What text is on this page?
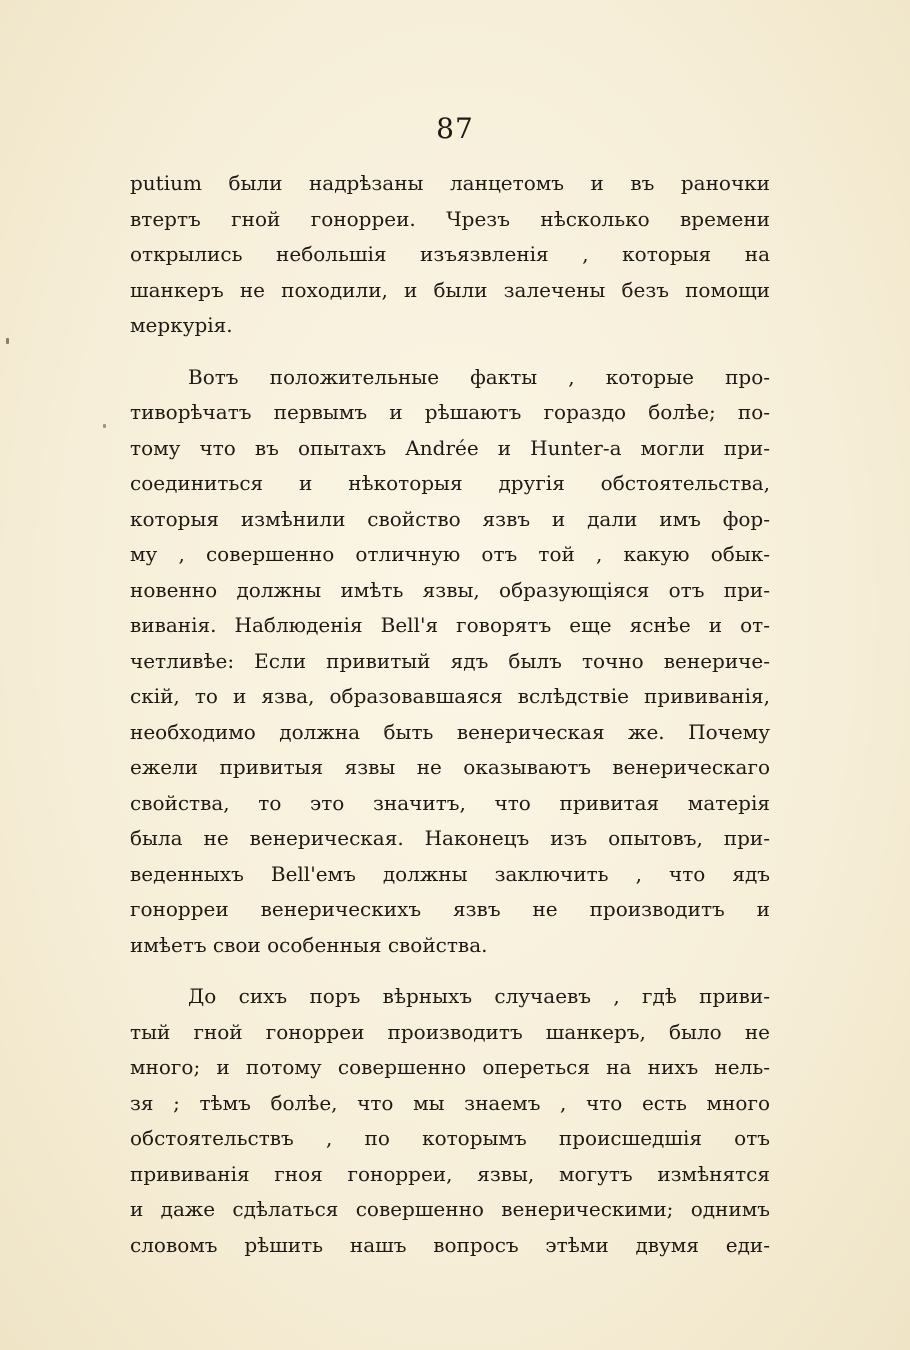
87
putium были надрѣзаны ланцетомъ и въ раночки
втертъ гной гонорреи. Чрезъ нѣсколько времени
открылись небольшія изъязвленія , которыя на
шанкеръ не походили, и были залечены безъ помощи
меркурія.
Вотъ положительные факты , которые про-
тиворѣчатъ первымъ и рѣшаютъ гораздо болѣе; по-
тому что въ опытахъ Andrée и Hunter-а могли при-
соединиться и нѣкоторыя другія обстоятельства,
которыя измѣнили свойство язвъ и дали имъ фор-
му , совершенно отличную отъ той , какую обык-
новенно должны имѣть язвы, образующіяся отъ при-
виванія. Наблюденія Bell'я говорятъ еще яснѣе и от-
четливѣе: Если привитый ядъ былъ точно венериче-
скій, то и язва, образовавшаяся вслѣдствіе прививанія,
необходимо должна быть венерическая же. Почему
ежели привитыя язвы не оказываютъ венерическаго
свойства, то это значитъ, что привитая матерія
была не венерическая. Наконецъ изъ опытовъ, при-
веденныхъ Bell'емъ должны заключить , что ядъ
гонорреи венерическихъ язвъ не производитъ и
имѣетъ свои особенныя свойства.
До сихъ поръ вѣрныхъ случаевъ , гдѣ приви-
тый гной гонорреи производитъ шанкеръ, было не
много; и потому совершенно опереться на нихъ нель-
зя ; тѣмъ болѣе, что мы знаемъ , что есть много
обстоятельствъ , по которымъ происшедшія отъ
прививанія гноя гонорреи, язвы, могутъ измѣнятся
и даже сдѣлаться совершенно венерическими; однимъ
словомъ рѣшить нашъ вопросъ этѣми двумя еди-
